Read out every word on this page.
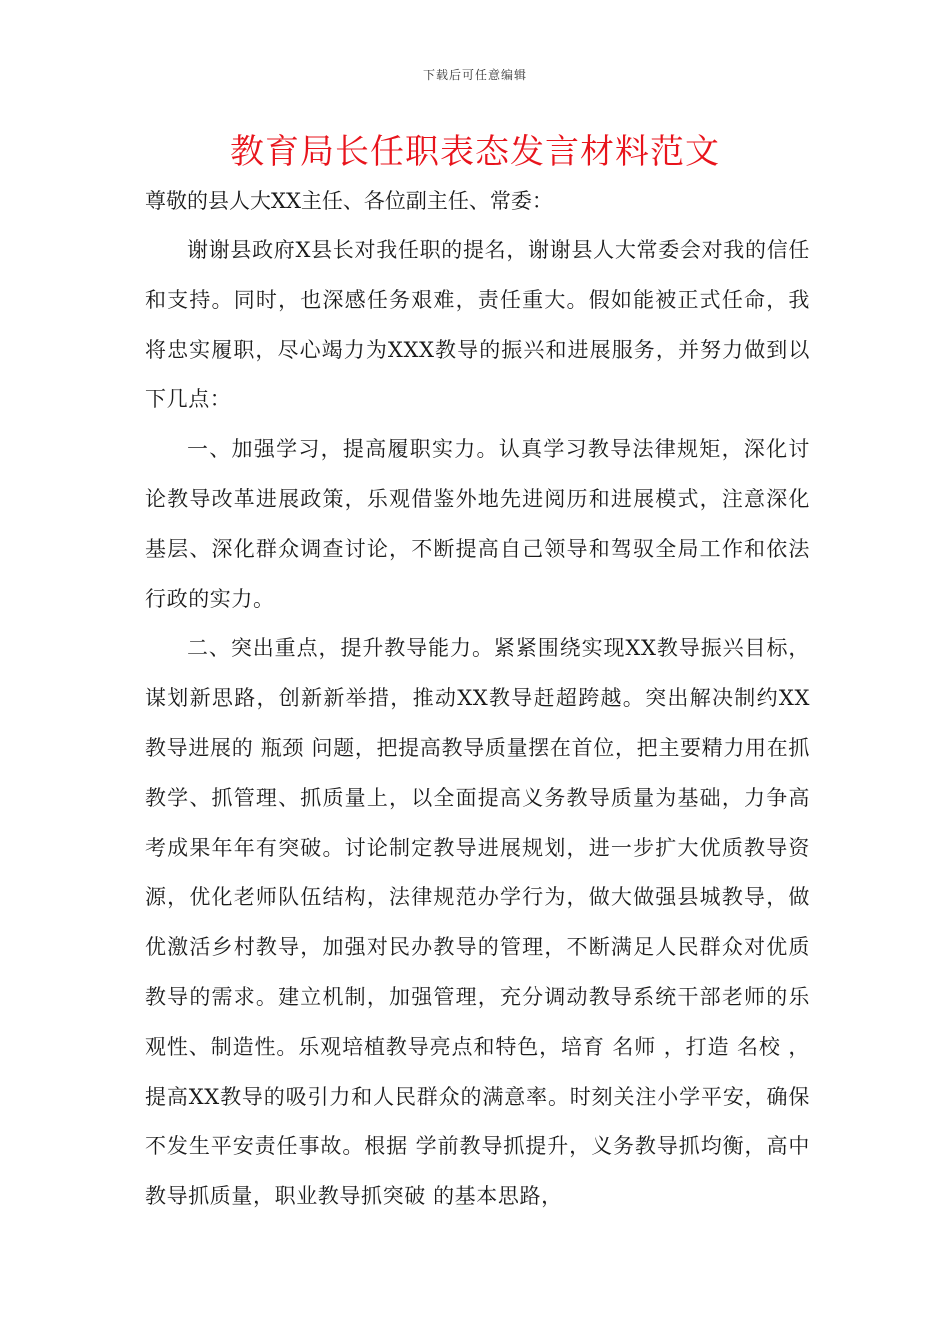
下载后可任意编辑
教育局长任职表态发言材料范文
尊敬的县人大XX主任、各位副主任、常委：

谢谢县政府X县长对我任职的提名，谢谢县人大常委会对我的信任和支持。同时，也深感任务艰难，责任重大。假如能被正式任命，我将忠实履职，尽心竭力为XXX教导的振兴和进展服务，并努力做到以下几点：

一、加强学习，提高履职实力。认真学习教导法律规矩，深化讨论教导改革进展政策，乐观借鉴外地先进阅历和进展模式，注意深化基层、深化群众调查讨论，不断提高自己领导和驾驭全局工作和依法行政的实力。

二、突出重点，提升教导能力。紧紧围绕实现XX教导振兴目标，谋划新思路，创新新举措，推动XX教导赶超跨越。突出解决制约XX教导进展的 瓶颈 问题，把提高教导质量摆在首位，把主要精力用在抓教学、抓管理、抓质量上，以全面提高义务教导质量为基础，力争高考成果年年有突破。讨论制定教导进展规划，进一步扩大优质教导资源，优化老师队伍结构，法律规范办学行为，做大做强县城教导，做优激活乡村教导，加强对民办教导的管理，不断满足人民群众对优质教导的需求。建立机制，加强管理，充分调动教导系统干部老师的乐观性、制造性。乐观培植教导亮点和特色，培育 名师 ，打造 名校 ，提高XX教导的吸引力和人民群众的满意率。时刻关注小学平安，确保不发生平安责任事故。根据 学前教导抓提升，义务教导抓均衡，高中教导抓质量，职业教导抓突破 的基本思路，
